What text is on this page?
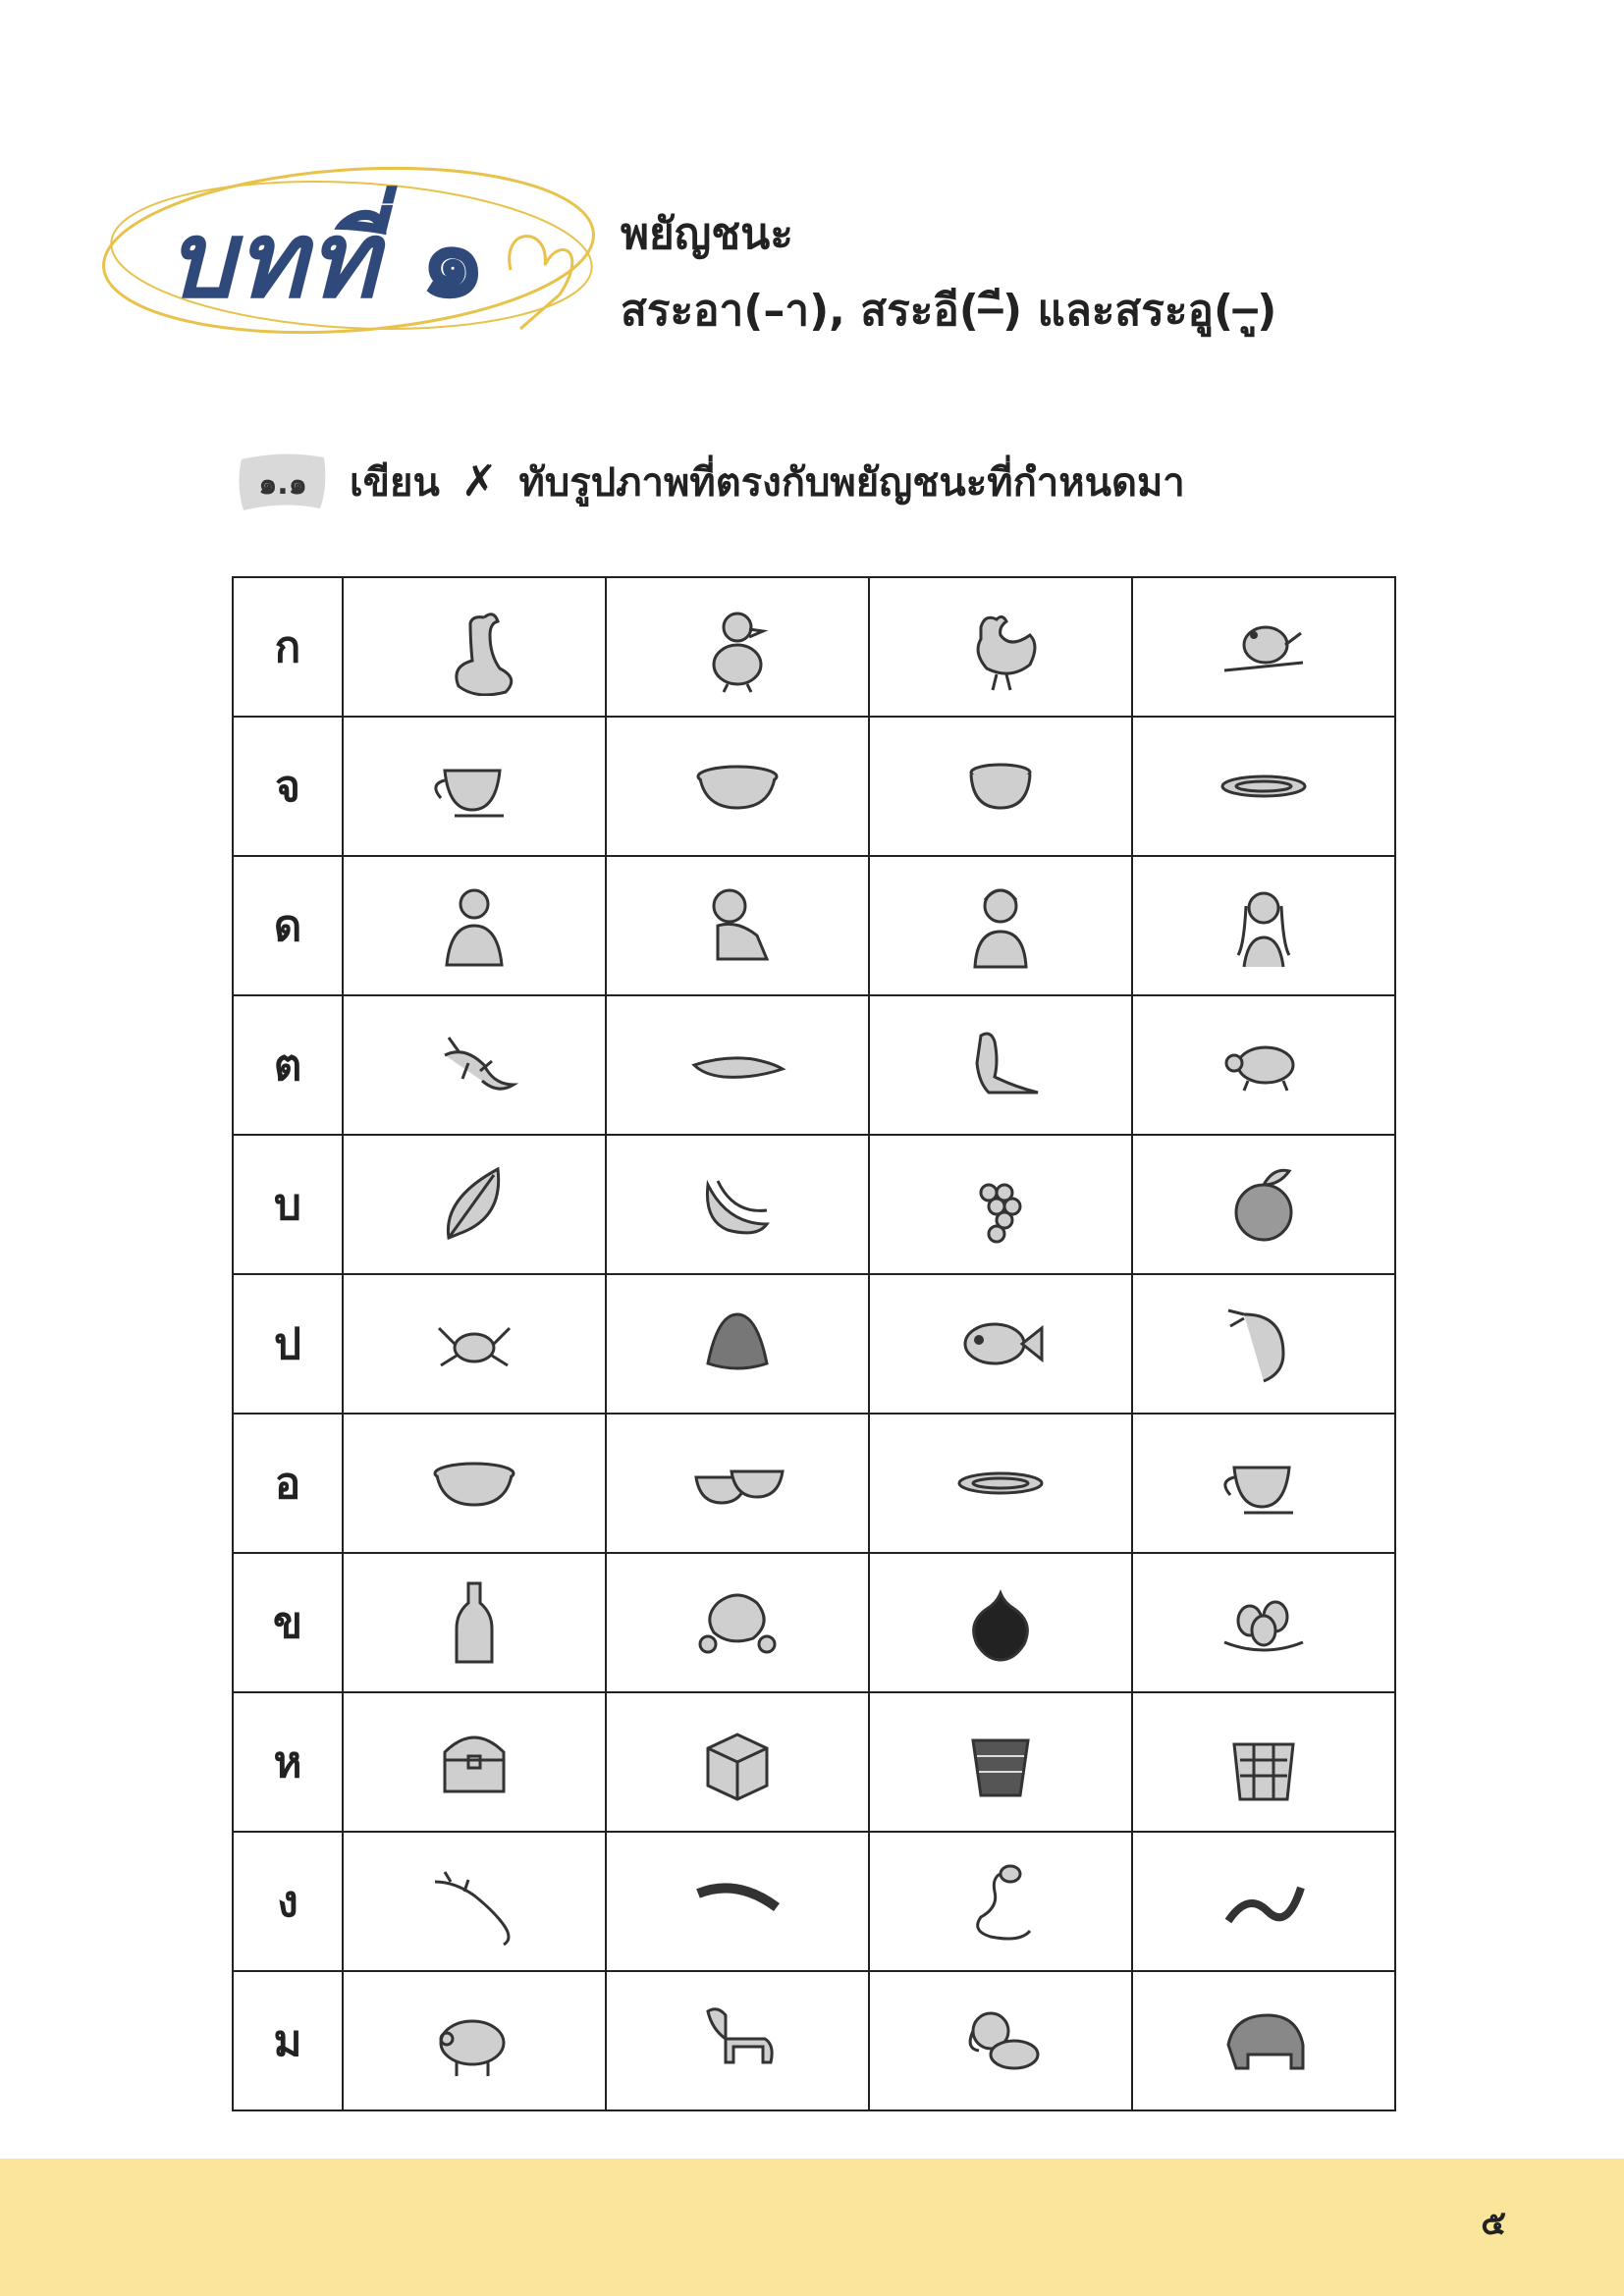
บทที่ ๑	พยัญชนะ
สระอา(–า), สระอี(–ี) และสระอู(–ู)
๑.๑	เขียน ✗ ทับรูปภาพที่ตรงกับพยัญชนะที่กำหนดมา
ก	

จ	

ด	

ต	

บ	

ป	

อ	

ข	

ห	

ง	

ม	

๕
